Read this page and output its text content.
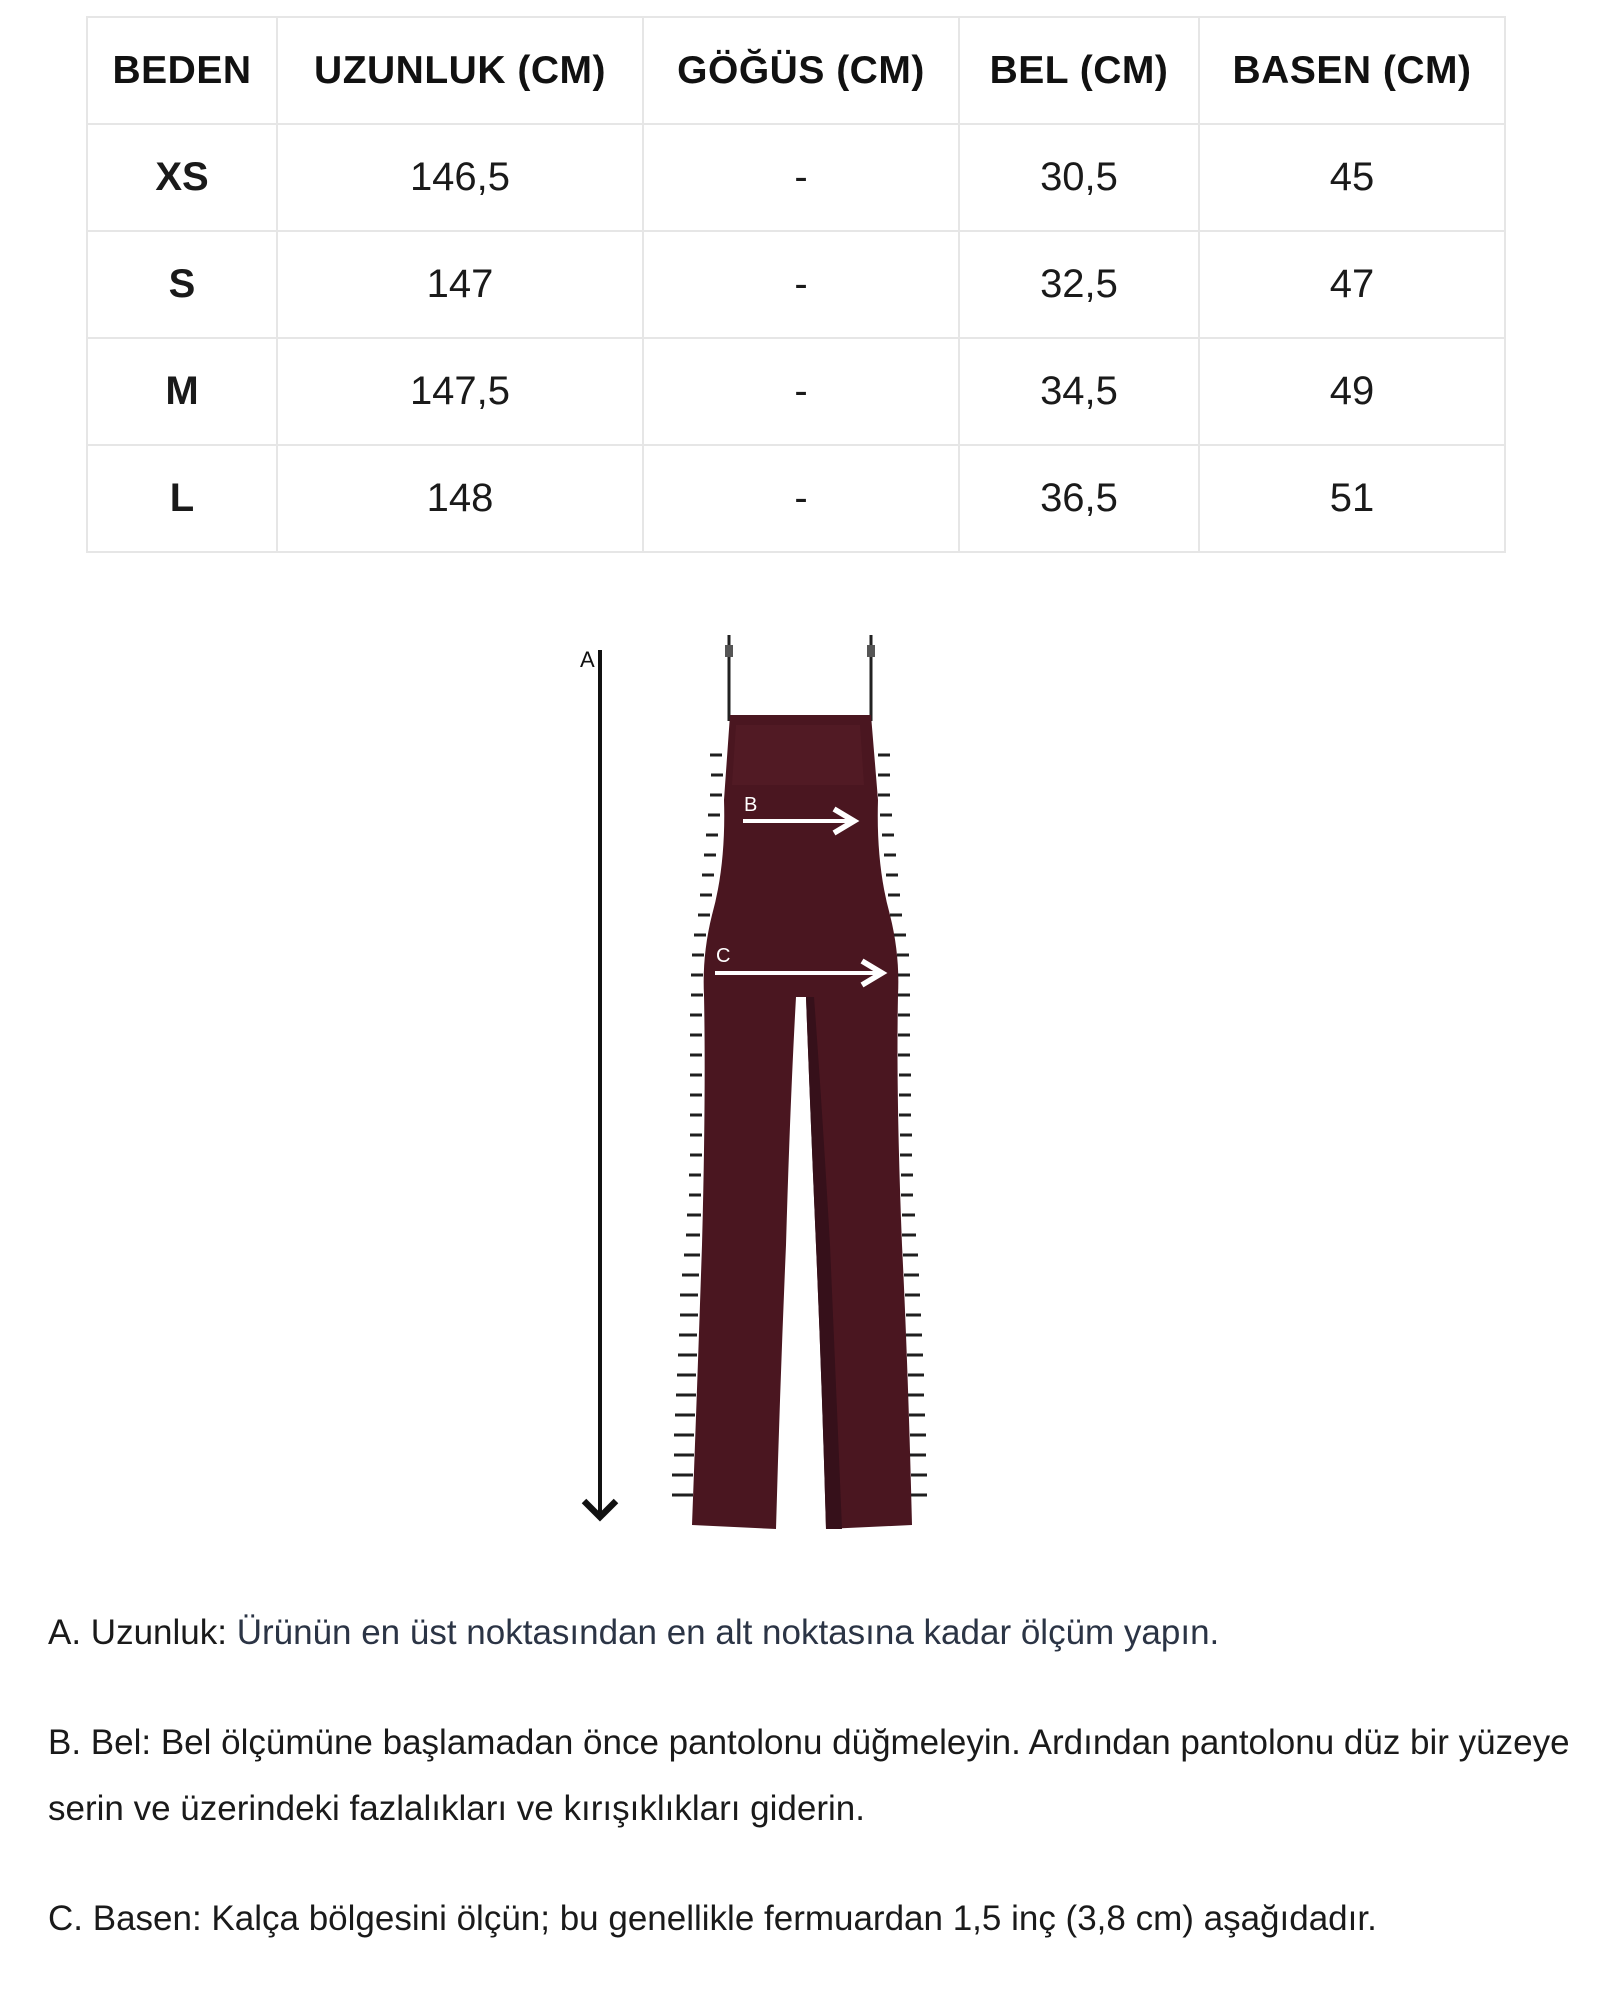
BEDEN	UZUNLUK (CM)	GÖĞÜS (CM)	BEL (CM)	BASEN (CM)
XS	146,5	-	30,5	45
S	147	-	32,5	47
M	147,5	-	34,5	49
L	148	-	36,5	51
A
B
C

A. Uzunluk: Ürünün en üst noktasından en alt noktasına kadar ölçüm yapın.

B. Bel: Bel ölçümüne başlamadan önce pantolonu düğmeleyin. Ardından pantolonu düz bir yüzeye serin ve üzerindeki fazlalıkları ve kırışıklıkları giderin.

C. Basen: Kalça bölgesini ölçün; bu genellikle fermuardan 1,5 inç (3,8 cm) aşağıdadır.
